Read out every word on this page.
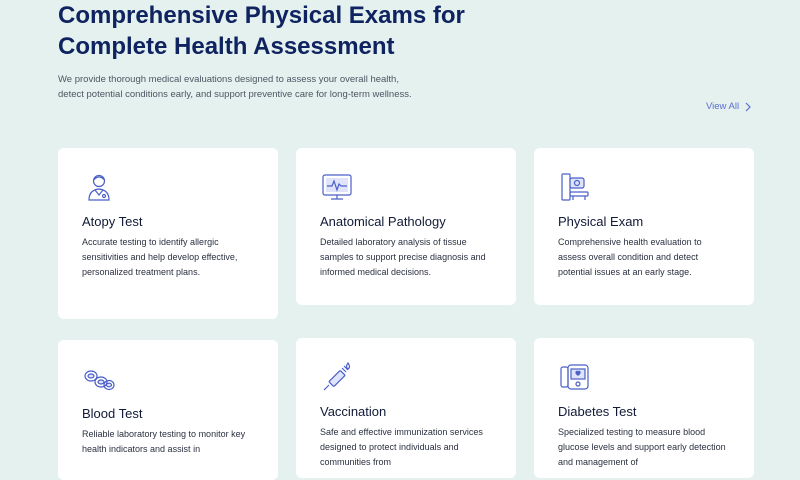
Comprehensive Physical Exams for
Complete Health Assessment

We provide thorough medical evaluations designed to assess your overall health, detect potential conditions early, and support preventive care for long-term wellness.

View All
Atopy Test

Accurate testing to identify allergic sensitivities and help develop effective, personalized treatment plans.

Anatomical Pathology

Detailed laboratory analysis of tissue samples to support precise diagnosis and informed medical decisions.

Physical Exam

Comprehensive health evaluation to assess overall condition and detect potential issues at an early stage.

Blood Test

Reliable laboratory testing to monitor key health indicators and assist in

Vaccination

Safe and effective immunization services designed to protect individuals and communities from

Diabetes Test

Specialized testing to measure blood glucose levels and support early detection and management of
